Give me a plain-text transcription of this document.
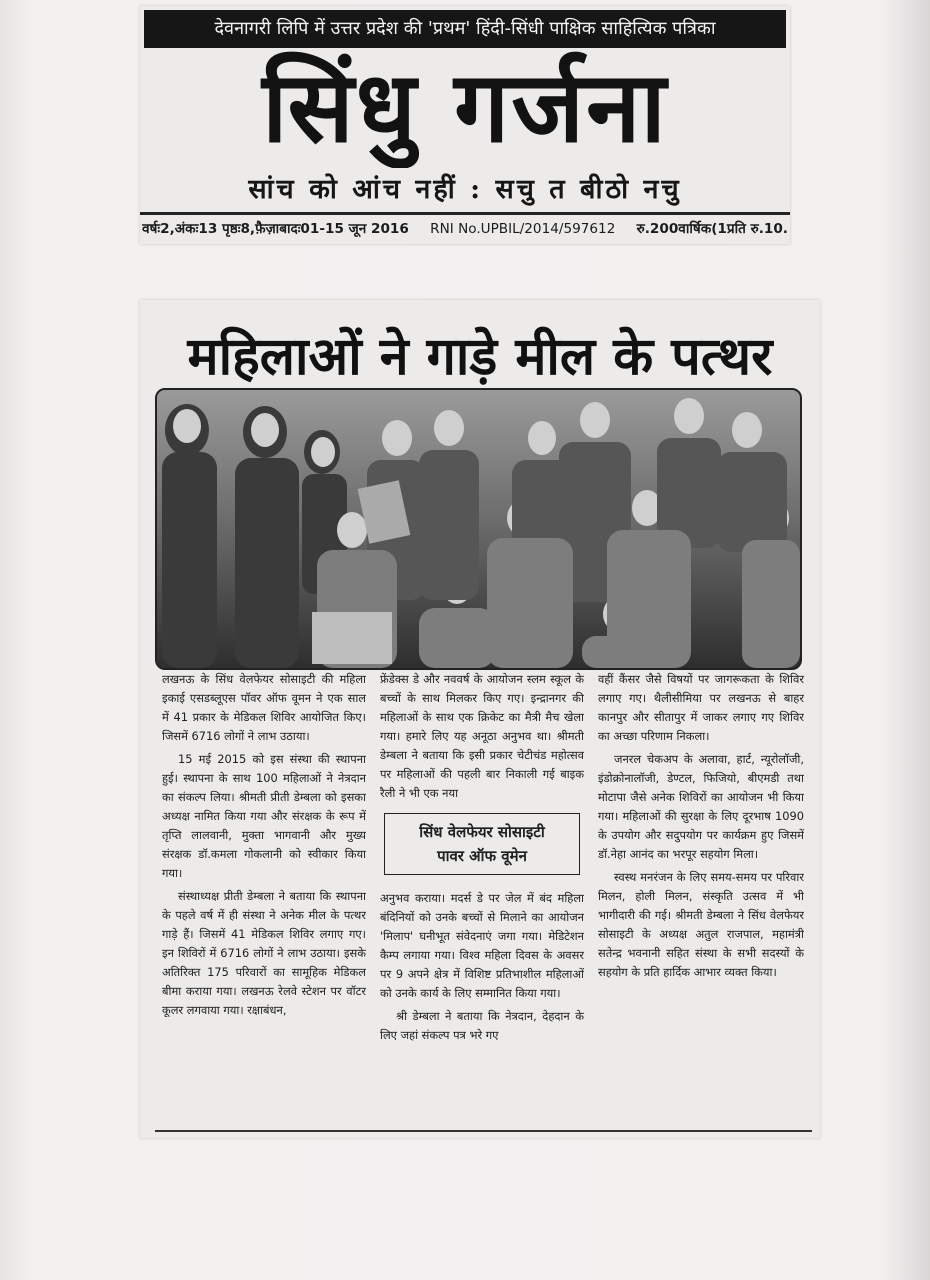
देवनागरी लिपि में उत्तर प्रदेश की 'प्रथम' हिंदी-सिंधी पाक्षिक साहित्यिक पत्रिका
सिंधु गर्जना
सांच को आंच नहीं : सचु त बीठो नचु
वर्षः2,अंकः13 पृष्ठः8,फ़ैज़ाबादः01-15 जून 2016 RNI No.UPBIL/2014/597612 रु.200वार्षिक(1प्रति रु.10.
महिलाओं ने गाड़े मील के पत्थर

लखनऊ के सिंध वेलफेयर सोसाइटी की महिला इकाई एसडब्लूएस पॉवर ऑफ वूमन ने एक साल में 41 प्रकार के मेडिकल शिविर आयोजित किए। जिसमें 6716 लोगों ने लाभ उठाया।

15 मई 2015 को इस संस्था की स्थापना हुई। स्थापना के साथ 100 महिलाओं ने नेत्रदान का संकल्प लिया। श्रीमती प्रीती डेम्बला को इसका अध्यक्ष नामित किया गया और संरक्षक के रूप में तृप्ति लालवानी, मुक्ता भागवानी और मुख्य संरक्षक डॉ.कमला गोकलानी को स्वीकार किया गया।

संस्थाध्यक्ष प्रीती डेम्बला ने बताया कि स्थापना के पहले वर्ष में ही संस्था ने अनेक मील के पत्थर गाड़े हैं। जिसमें 41 मेडिकल शिविर लगाए गए। इन शिविरों में 6716 लोगों ने लाभ उठाया। इसके अतिरिक्त 175 परिवारों का सामूहिक मेडिकल बीमा कराया गया। लखनऊ रेलवे स्टेशन पर वॉटर कूलर लगवाया गया। रक्षाबंधन,

फ्रेंडेक्स डे और नववर्ष के आयोजन स्लम स्कूल के बच्चों के साथ मिलकर किए गए। इन्द्रानगर की महिलाओं के साथ एक क्रिकेट का मैत्री मैच खेला गया। हमारे लिए यह अनूठा अनुभव था। श्रीमती डेम्बला ने बताया कि इसी प्रकार चेटीचंड महोत्सव पर महिलाओं की पहली बार निकाली गई बाइक रैली ने भी एक नया

सिंध वेलफेयर सोसाइटी
पावर ऑफ वूमेन

अनुभव कराया। मदर्स डे पर जेल में बंद महिला बंदिनियों को उनके बच्चों से मिलाने का आयोजन 'मिलाप' घनीभूत संवेदनाएं जगा गया। मेडिटेशन कैम्प लगाया गया। विश्व महिला दिवस के अवसर पर 9 अपने क्षेत्र में विशिष्ट प्रतिभाशील महिलाओं को उनके कार्य के लिए सम्मानित किया गया।

श्री डेम्बला ने बताया कि नेत्रदान, देहदान के लिए जहां संकल्प पत्र भरे गए

वहीं कैंसर जैसे विषयों पर जागरूकता के शिविर लगाए गए। थैलीसीमिया पर लखनऊ से बाहर कानपुर और सीतापुर में जाकर लगाए गए शिविर का अच्छा परिणाम निकला।

जनरल चेकअप के अलावा, हार्ट, न्यूरोलॉजी, इंडोक्रोनालॉजी, डेण्टल, फिजियो, बीएमडी तथा मोटापा जैसे अनेक शिविरों का आयोजन भी किया गया। महिलाओं की सुरक्षा के लिए दूरभाष 1090 के उपयोग और सदुपयोग पर कार्यक्रम हुए जिसमें डॉ.नेहा आनंद का भरपूर सहयोग मिला।

स्वस्थ मनरंजन के लिए समय-समय पर परिवार मिलन, होली मिलन, संस्कृति उत्सव में भी भागीदारी की गई। श्रीमती डेम्बला ने सिंध वेलफेयर सोसाइटी के अध्यक्ष अतुल राजपाल, महामंत्री सतेन्द्र भवनानी सहित संस्था के सभी सदस्यों के सहयोग के प्रति हार्दिक आभार व्यक्त किया।
